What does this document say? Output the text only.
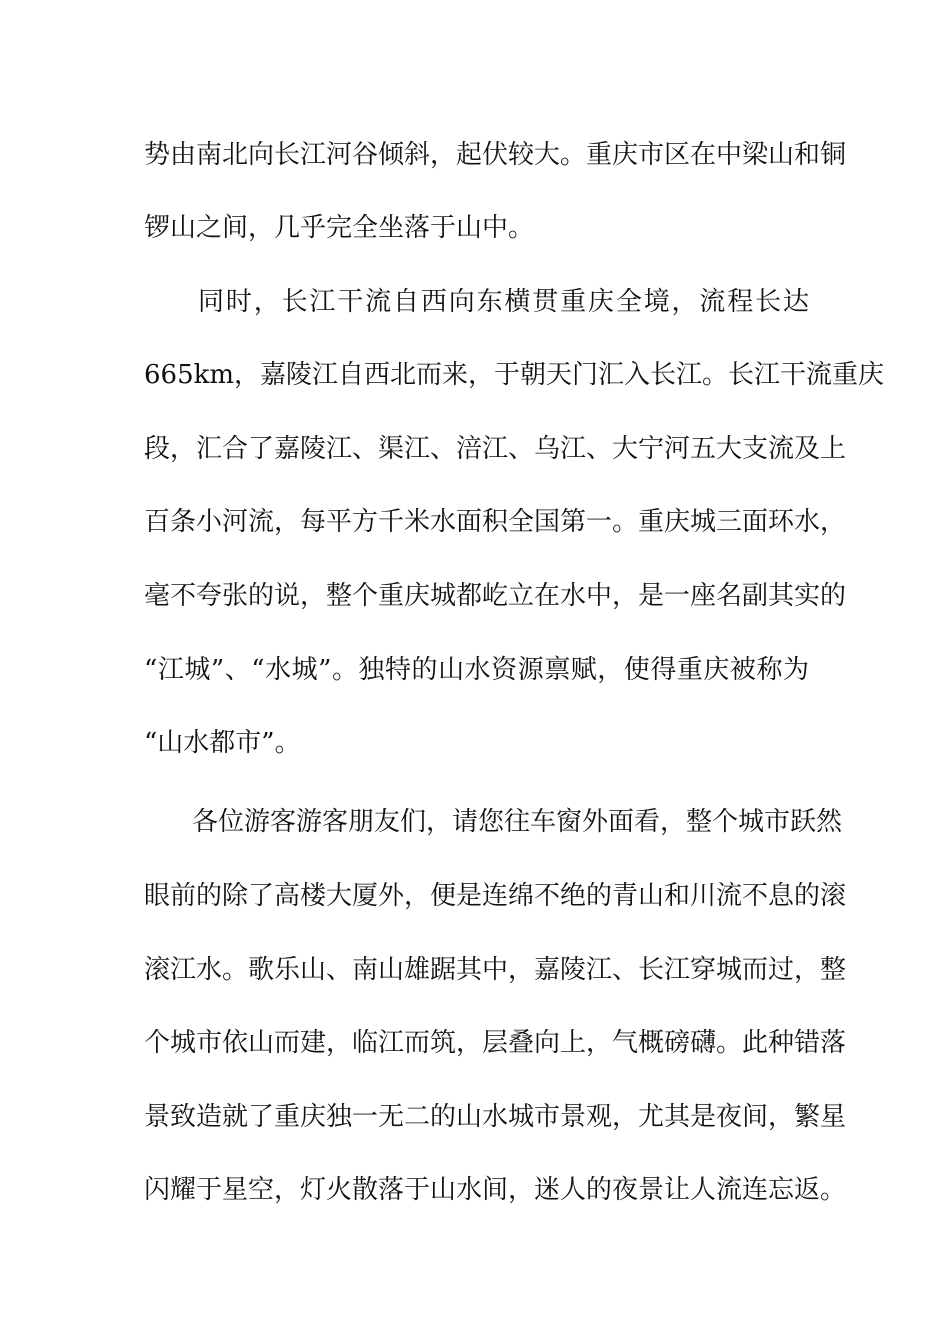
势由南北向长江河谷倾斜，起伏较大。重庆市区在中梁山和铜
锣山之间，几乎完全坐落于山中。
同时，长江干流自西向东横贯重庆全境，流程长达
665km，嘉陵江自西北而来，于朝天门汇入长江。长江干流重庆
段，汇合了嘉陵江、渠江、涪江、乌江、大宁河五大支流及上
百条小河流，每平方千米水面积全国第一。重庆城三面环水，
毫不夸张的说，整个重庆城都屹立在水中，是一座名副其实的
“江城”、“水城”。独特的山水资源禀赋，使得重庆被称为
“山水都市”。
各位游客游客朋友们，请您往车窗外面看，整个城市跃然
眼前的除了高楼大厦外，便是连绵不绝的青山和川流不息的滚
滚江水。歌乐山、南山雄踞其中，嘉陵江、长江穿城而过，整
个城市依山而建，临江而筑，层叠向上，气概磅礴。此种错落
景致造就了重庆独一无二的山水城市景观，尤其是夜间，繁星
闪耀于星空，灯火散落于山水间，迷人的夜景让人流连忘返。
